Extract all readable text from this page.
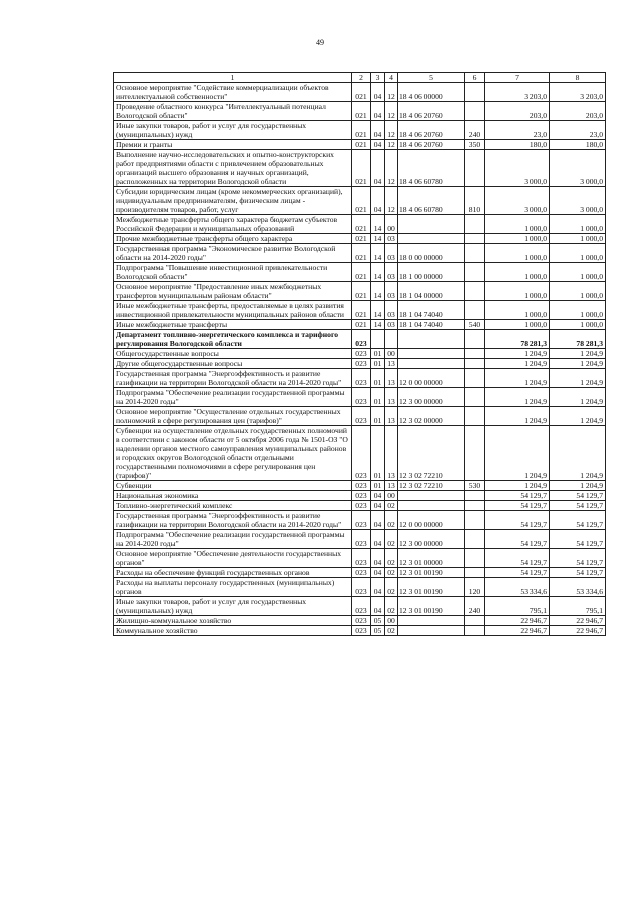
49
1	2	3	4	5	6	7	8
Основное мероприятие "Содействие коммерциализации объектов интеллектуальной собственности"	021	04	12	18 4 06 00000		3 203,0	3 203,0
Проведение областного конкурса "Интеллектуальный потенциал Вологодской области"	021	04	12	18 4 06 20760		203,0	203,0
Иные закупки товаров, работ и услуг для государственных (муниципальных) нужд	021	04	12	18 4 06 20760	240	23,0	23,0
Премии и гранты	021	04	12	18 4 06 20760	350	180,0	180,0
Выполнение научно-исследовательских и опытно-конструкторских работ предприятиями области с привлечением образовательных организаций высшего образования и научных организаций, расположенных на территории Вологодской области	021	04	12	18 4 06 60780		3 000,0	3 000,0
Субсидии юридическим лицам (кроме некоммерческих организаций), индивидуальным предпринимателям, физическим лицам - производителям товаров, работ, услуг	021	04	12	18 4 06 60780	810	3 000,0	3 000,0
Межбюджетные трансферты общего характера бюджетам субъектов Российской Федерации и муниципальных образований	021	14	00			1 000,0	1 000,0
Прочие межбюджетные трансферты общего характера	021	14	03			1 000,0	1 000,0
Государственная программа "Экономическое развитие Вологодской области на 2014-2020 годы"	021	14	03	18 0 00 00000		1 000,0	1 000,0
Подпрограмма "Повышение инвестиционной привлекательности Вологодской области"	021	14	03	18 1 00 00000		1 000,0	1 000,0
Основное мероприятие "Предоставление иных межбюджетных трансфертов муниципальным районам области"	021	14	03	18 1 04 00000		1 000,0	1 000,0
Иные межбюджетные трансферты, предоставляемые в целях развития инвестиционной привлекательности муниципальных районов области	021	14	03	18 1 04 74040		1 000,0	1 000,0
Иные межбюджетные трансферты	021	14	03	18 1 04 74040	540	1 000,0	1 000,0
Департамент топливно-энергетического комплекса и тарифного регулирования Вологодской области	023					78 281,3	78 281,3
Общегосударственные вопросы	023	01	00			1 204,9	1 204,9
Другие общегосударственные вопросы	023	01	13			1 204,9	1 204,9
Государственная программа "Энергоэффективность и развитие газификации на территории Вологодской области на 2014-2020 годы"	023	01	13	12 0 00 00000		1 204,9	1 204,9
Подпрограмма "Обеспечение реализации государственной программы на 2014-2020 годы"	023	01	13	12 3 00 00000		1 204,9	1 204,9
Основное мероприятие "Осуществление отдельных государственных полномочий в сфере регулирования цен (тарифов)"	023	01	13	12 3 02 00000		1 204,9	1 204,9
Субвенции на осуществление отдельных государственных полномочий в соответствии с законом области от 5 октября 2006 года № 1501-ОЗ "О наделении органов местного самоуправления муниципальных районов и городских округов Вологодской области отдельными государственными полномочиями в сфере регулирования цен (тарифов)"	023	01	13	12 3 02 72210		1 204,9	1 204,9
Субвенции	023	01	13	12 3 02 72210	530	1 204,9	1 204,9
Национальная экономика	023	04	00			54 129,7	54 129,7
Топливно-энергетический комплекс	023	04	02			54 129,7	54 129,7
Государственная программа "Энергоэффективность и развитие газификации на территории Вологодской области на 2014-2020 годы"	023	04	02	12 0 00 00000		54 129,7	54 129,7
Подпрограмма "Обеспечение реализации государственной программы на 2014-2020 годы"	023	04	02	12 3 00 00000		54 129,7	54 129,7
Основное мероприятие "Обеспечение деятельности государственных органов"	023	04	02	12 3 01 00000		54 129,7	54 129,7
Расходы на обеспечение функций государственных органов	023	04	02	12 3 01 00190		54 129,7	54 129,7
Расходы на выплаты персоналу государственных (муниципальных) органов	023	04	02	12 3 01 00190	120	53 334,6	53 334,6
Иные закупки товаров, работ и услуг для государственных (муниципальных) нужд	023	04	02	12 3 01 00190	240	795,1	795,1
Жилищно-коммунальное хозяйство	023	05	00			22 946,7	22 946,7
Коммунальное хозяйство	023	05	02			22 946,7	22 946,7
